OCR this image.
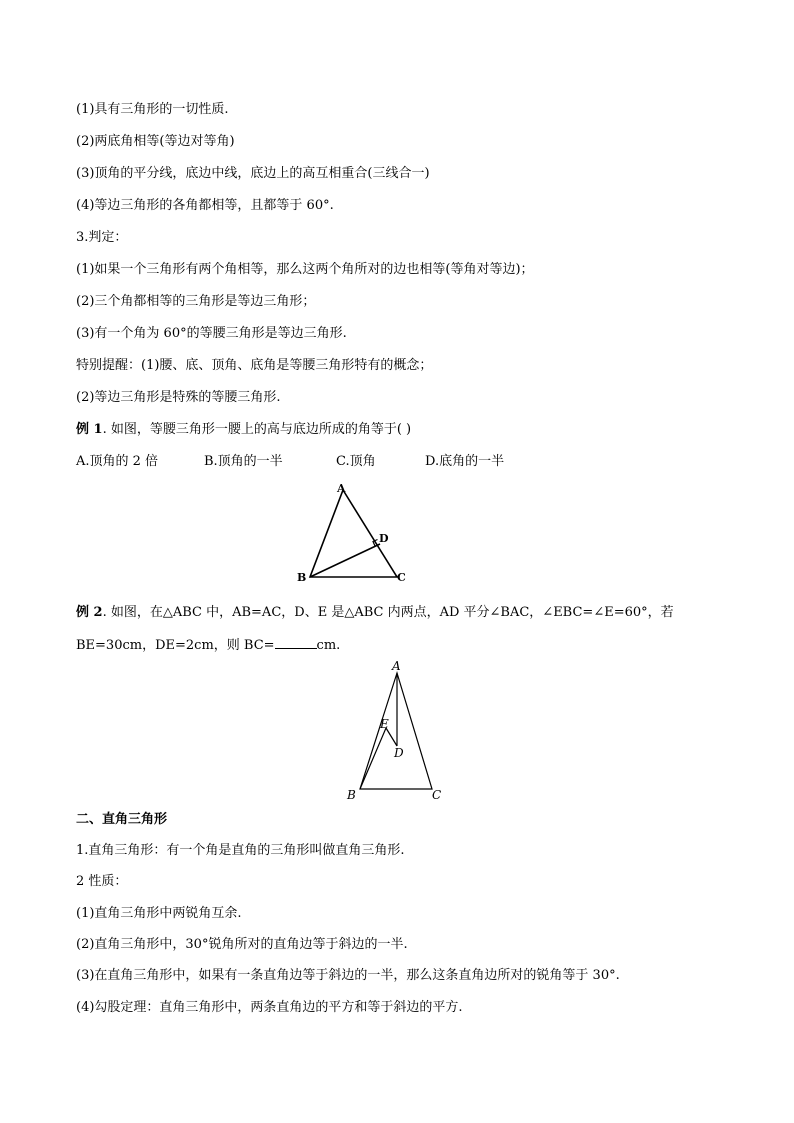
(1)具有三角形的一切性质.
(2)两底角相等(等边对等角)
(3)顶角的平分线，底边中线，底边上的高互相重合(三线合一)
(4)等边三角形的各角都相等，且都等于 60°.
3.判定：
(1)如果一个三角形有两个角相等，那么这两个角所对的边也相等(等角对等边)；
(2)三个角都相等的三角形是等边三角形；
(3)有一个角为 60°的等腰三角形是等边三角形.
特别提醒：(1)腰、底、顶角、底角是等腰三角形特有的概念；
(2)等边三角形是特殊的等腰三角形.
例 1. 如图，等腰三角形一腰上的高与底边所成的角等于( )
A.顶角的 2 倍	B.顶角的一半	C.顶角	D.底角的一半
A
B	C
D
例 2. 如图，在△ABC 中，AB=AC，D、E 是△ABC 内两点，AD 平分∠BAC，∠EBC=∠E=60°，若
BE=30cm，DE=2cm，则 BC=	cm.
A
B	C
E
D
二、直角三角形
1.直角三角形：有一个角是直角的三角形叫做直角三角形.
2 性质：
(1)直角三角形中两锐角互余.
(2)直角三角形中，30°锐角所对的直角边等于斜边的一半.
(3)在直角三角形中，如果有一条直角边等于斜边的一半，那么这条直角边所对的锐角等于 30°.
(4)勾股定理：直角三角形中，两条直角边的平方和等于斜边的平方.
